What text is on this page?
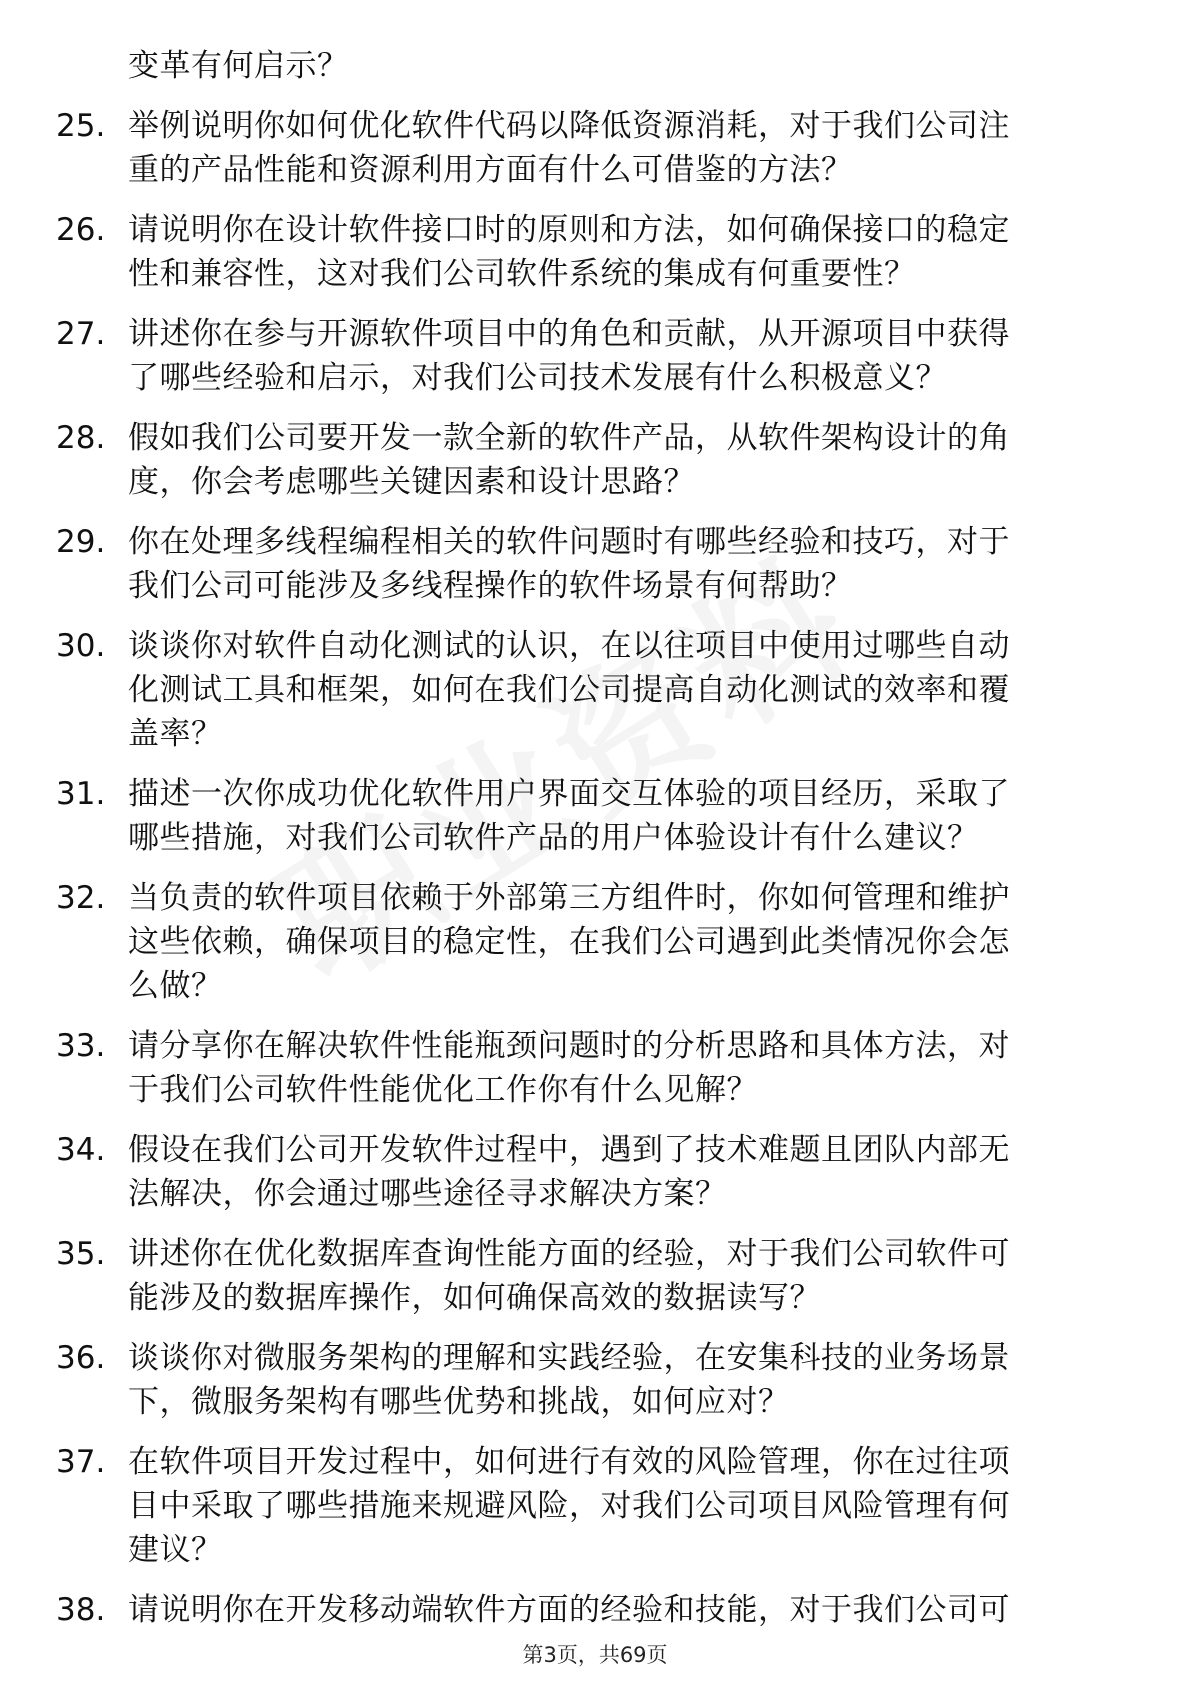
变革有何启示？
25. 举例说明你如何优化软件代码以降低资源消耗，对于我们公司注
重的产品性能和资源利用方面有什么可借鉴的方法？
26. 请说明你在设计软件接口时的原则和方法，如何确保接口的稳定
性和兼容性，这对我们公司软件系统的集成有何重要性？
27. 讲述你在参与开源软件项目中的角色和贡献，从开源项目中获得
了哪些经验和启示，对我们公司技术发展有什么积极意义？
28. 假如我们公司要开发一款全新的软件产品，从软件架构设计的角
度，你会考虑哪些关键因素和设计思路？
29. 你在处理多线程编程相关的软件问题时有哪些经验和技巧，对于
我们公司可能涉及多线程操作的软件场景有何帮助？
30. 谈谈你对软件自动化测试的认识，在以往项目中使用过哪些自动
化测试工具和框架，如何在我们公司提高自动化测试的效率和覆
盖率？
31. 描述一次你成功优化软件用户界面交互体验的项目经历，采取了
哪些措施，对我们公司软件产品的用户体验设计有什么建议？
32. 当负责的软件项目依赖于外部第三方组件时，你如何管理和维护
这些依赖，确保项目的稳定性，在我们公司遇到此类情况你会怎
么做？
33. 请分享你在解决软件性能瓶颈问题时的分析思路和具体方法，对
于我们公司软件性能优化工作你有什么见解？
34. 假设在我们公司开发软件过程中，遇到了技术难题且团队内部无
法解决，你会通过哪些途径寻求解决方案？
35. 讲述你在优化数据库查询性能方面的经验，对于我们公司软件可
能涉及的数据库操作，如何确保高效的数据读写？
36. 谈谈你对微服务架构的理解和实践经验，在安集科技的业务场景
下，微服务架构有哪些优势和挑战，如何应对？
37. 在软件项目开发过程中，如何进行有效的风险管理，你在过往项
目中采取了哪些措施来规避风险，对我们公司项目风险管理有何
建议？
38. 请说明你在开发移动端软件方面的经验和技能，对于我们公司可
第3页，共69页
